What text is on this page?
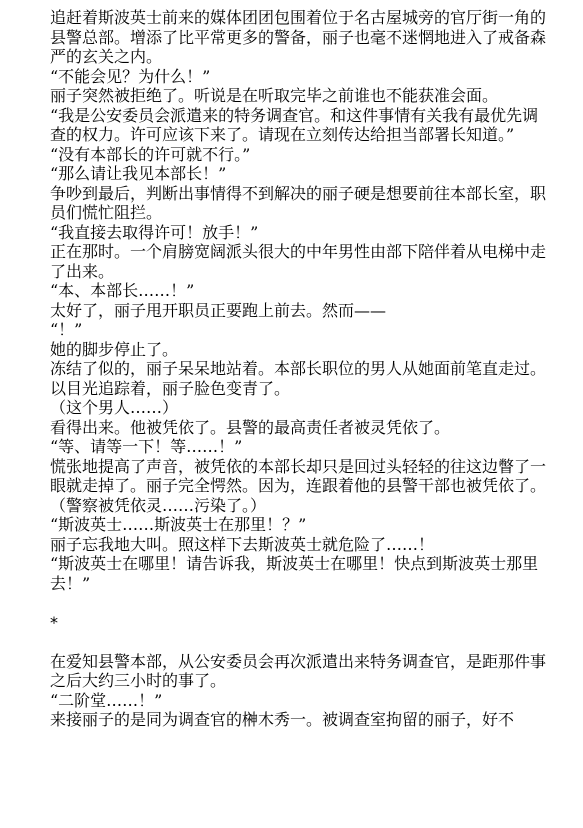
追赶着斯波英士前来的媒体团团包围着位于名古屋城旁的官厅街一角的县警总部。增添了比平常更多的警备，丽子也毫不迷惘地进入了戒备森严的玄关之内。

“不能会见？为什么！”

丽子突然被拒绝了。听说是在听取完毕之前谁也不能获准会面。

“我是公安委员会派遣来的特务调查官。和这件事情有关我有最优先调查的权力。许可应该下来了。请现在立刻传达给担当部署长知道。”

“没有本部长的许可就不行。”

“那么请让我见本部长！”

争吵到最后，判断出事情得不到解决的丽子硬是想要前往本部长室，职员们慌忙阻拦。

“我直接去取得许可！放手！”

正在那时。一个肩膀宽阔派头很大的中年男性由部下陪伴着从电梯中走了出来。

“本、本部长……！”

太好了，丽子甩开职员正要跑上前去。然而——

“！”

她的脚步停止了。

冻结了似的，丽子呆呆地站着。本部长职位的男人从她面前笔直走过。以目光追踪着，丽子脸色变青了。

（这个男人……）

看得出来。他被凭依了。县警的最高责任者被灵凭依了。

“等、请等一下！等……！”

慌张地提高了声音，被凭依的本部长却只是回过头轻轻的往这边瞥了一眼就走掉了。丽子完全愕然。因为，连跟着他的县警干部也被凭依了。

（警察被凭依灵……污染了。）

“斯波英士……斯波英士在那里！？”

丽子忘我地大叫。照这样下去斯波英士就危险了……！

“斯波英士在哪里！请告诉我，斯波英士在哪里！快点到斯波英士那里去！”

*

在爱知县警本部，从公安委员会再次派遣出来特务调查官，是距那件事之后大约三小时的事了。

“二阶堂……！”

来接丽子的是同为调查官的榊木秀一。被调查室拘留的丽子，好不
